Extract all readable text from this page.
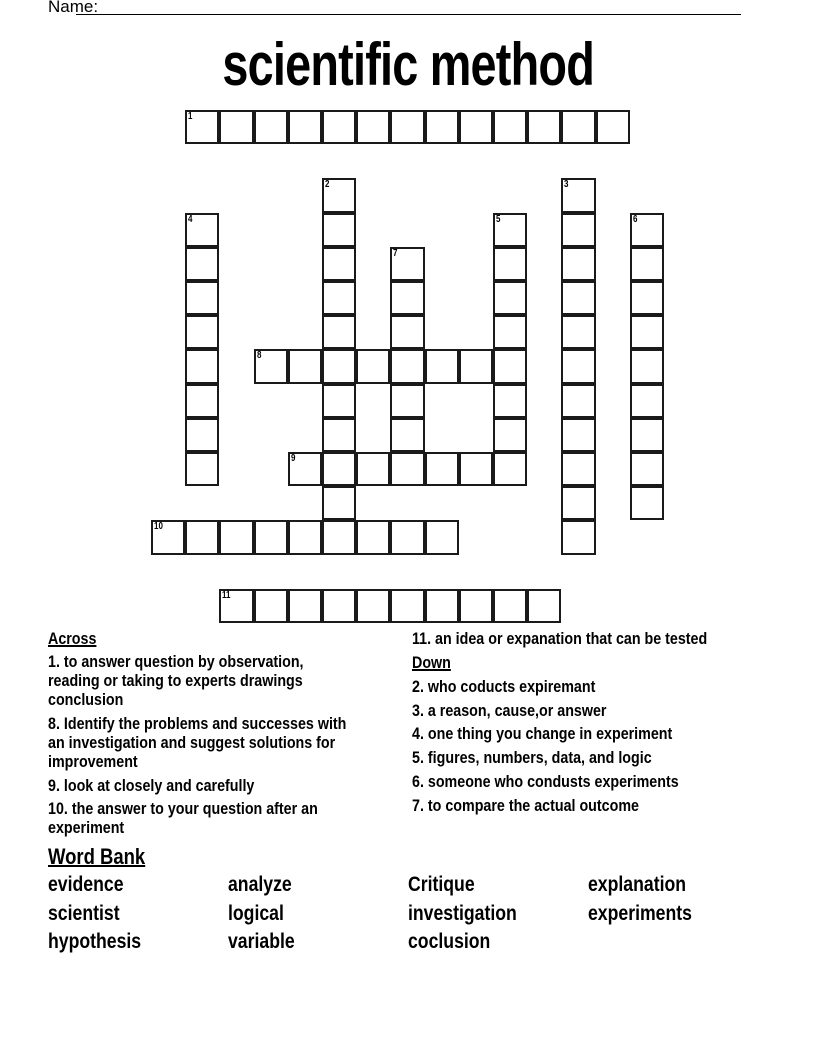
Name:
scientific method
1
2	3
4	5	6
7
8
9
10
11
Across
1. to answer question by observation,
reading or taking to experts drawings
conclusion
8. Identify the problems and successes with
an investigation and suggest solutions for
improvement
9. look at closely and carefully
10. the answer to your question after an
experiment
11. an idea or expanation that can be tested
Down
2. who coducts expiremant
3. a reason, cause,or answer
4. one thing you change in experiment
5. figures, numbers, data, and logic
6. someone who condusts experiments
7. to compare the actual outcome
Word Bank
evidence	analyze	Critique	explanation
scientist	logical	investigation	experiments
hypothesis	variable	coclusion
